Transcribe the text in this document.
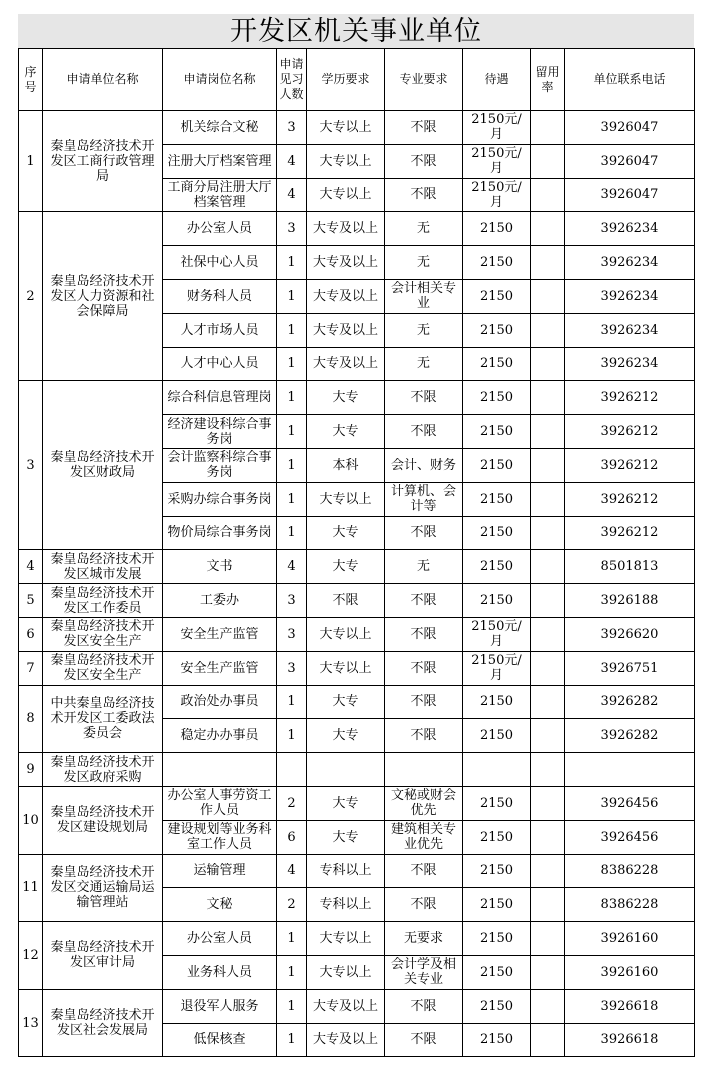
开发区机关事业单位
序号	申请单位名称	申请岗位名称	申请见习人数	学历要求	专业要求	待遇	留用率	单位联系电话
1	秦皇岛经济技术开发区工商行政管理局	机关综合文秘	3	大专以上	不限	2150元/月		3926047

		注册大厅档案管理	4	大专以上	不限	2150元/月		3926047

		工商分局注册大厅档案管理	4	大专以上	不限	2150元/月		3926047

2	秦皇岛经济技术开发区人力资源和社会保障局	办公室人员	3	大专及以上	无	2150		3926234

		社保中心人员	1	大专及以上	无	2150		3926234

		财务科人员	1	大专及以上	会计相关专业	2150		3926234

		人才市场人员	1	大专及以上	无	2150		3926234

		人才中心人员	1	大专及以上	无	2150		3926234

3	秦皇岛经济技术开发区财政局	综合科信息管理岗	1	大专	不限	2150		3926212

		经济建设科综合事务岗	1	大专	不限	2150		3926212

		会计监察科综合事务岗	1	本科	会计、财务	2150		3926212

		采购办综合事务岗	1	大专以上	计算机、会计等	2150		3926212

		物价局综合事务岗	1	大专	不限	2150		3926212

4	秦皇岛经济技术开发区城市发展	文书	4	大专	无	2150		8501813

5	秦皇岛经济技术开发区工作委员	工委办	3	不限	不限	2150		3926188

6	秦皇岛经济技术开发区安全生产	安全生产监管	3	大专以上	不限	2150元/月		3926620

7	秦皇岛经济技术开发区安全生产	安全生产监管	3	大专以上	不限	2150元/月		3926751

8	中共秦皇岛经济技术开发区工委政法委员会	政治处办事员	1	大专	不限	2150		3926282

		稳定办办事员	1	大专	不限	2150		3926282

9	秦皇岛经济技术开发区政府采购							

10	秦皇岛经济技术开发区建设规划局	办公室人事劳资工作人员	2	大专	文秘或财会优先	2150		3926456

		建设规划等业务科室工作人员	6	大专	建筑相关专业优先	2150		3926456

11	秦皇岛经济技术开发区交通运输局运输管理站	运输管理	4	专科以上	不限	2150		8386228

		文秘	2	专科以上	不限	2150		8386228

12	秦皇岛经济技术开发区审计局	办公室人员	1	大专以上	无要求	2150		3926160

		业务科人员	1	大专以上	会计学及相关专业	2150		3926160

13	秦皇岛经济技术开发区社会发展局	退役军人服务	1	大专及以上	不限	2150		3926618

		低保核查	1	大专及以上	不限	2150		3926618
